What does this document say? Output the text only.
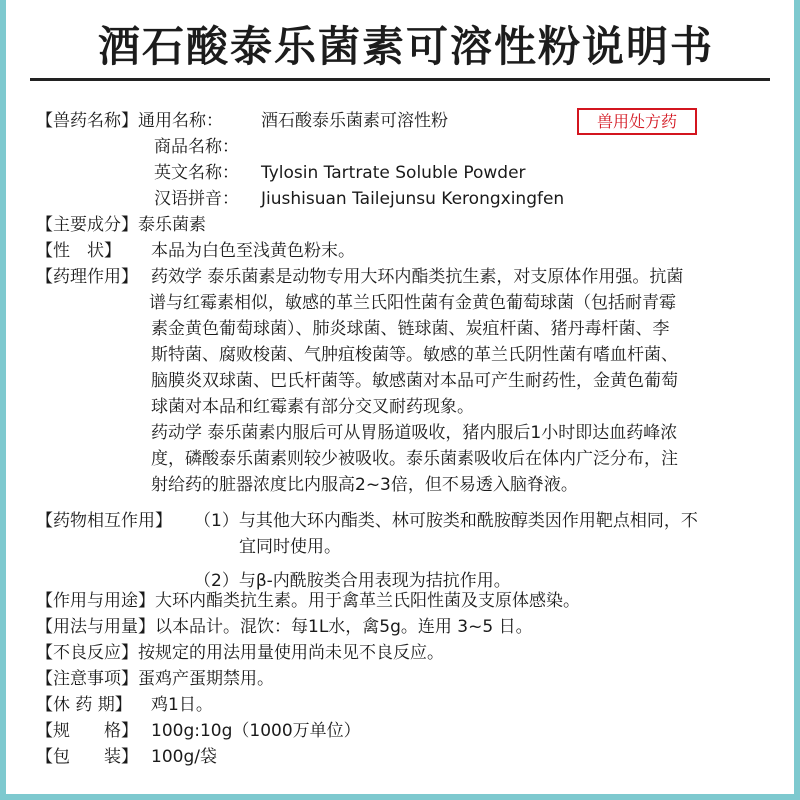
酒石酸泰乐菌素可溶性粉说明书
兽用处方药
【兽药名称】通用名称： 酒石酸泰乐菌素可溶性粉
商品名称：
英文名称： Tylosin Tartrate Soluble Powder
汉语拼音： Jiushisuan Tailejunsu Kerongxingfen
【主要成分】泰乐菌素
【性　状】 本品为白色至浅黄色粉末。
【药理作用】 药效学 泰乐菌素是动物专用大环内酯类抗生素，对支原体作用强。抗菌
谱与红霉素相似，敏感的革兰氏阳性菌有金黄色葡萄球菌（包括耐青霉
素金黄色葡萄球菌）、肺炎球菌、链球菌、炭疽杆菌、猪丹毒杆菌、李
斯特菌、腐败梭菌、气肿疽梭菌等。敏感的革兰氏阴性菌有嗜血杆菌、
脑膜炎双球菌、巴氏杆菌等。敏感菌对本品可产生耐药性，金黄色葡萄
球菌对本品和红霉素有部分交叉耐药现象。
药动学 泰乐菌素内服后可从胃肠道吸收，猪内服后1小时即达血药峰浓
度，磷酸泰乐菌素则较少被吸收。泰乐菌素吸收后在体内广泛分布，注
射给药的脏器浓度比内服高2~3倍，但不易透入脑脊液。
【药物相互作用】	（1）与其他大环内酯类、林可胺类和酰胺醇类因作用靶点相同，不
宜同时使用。
（2）与β-内酰胺类合用表现为拮抗作用。
【作用与用途】大环内酯类抗生素。用于禽革兰氏阳性菌及支原体感染。
【用法与用量】以本品计。混饮：每1L水，禽5g。连用 3~5 日。
【不良反应】按规定的用法用量使用尚未见不良反应。
【注意事项】蛋鸡产蛋期禁用。
【休 药 期】 鸡1日。
【规　　格】 100g:10g（1000万单位）
【包　　装】 100g/袋
